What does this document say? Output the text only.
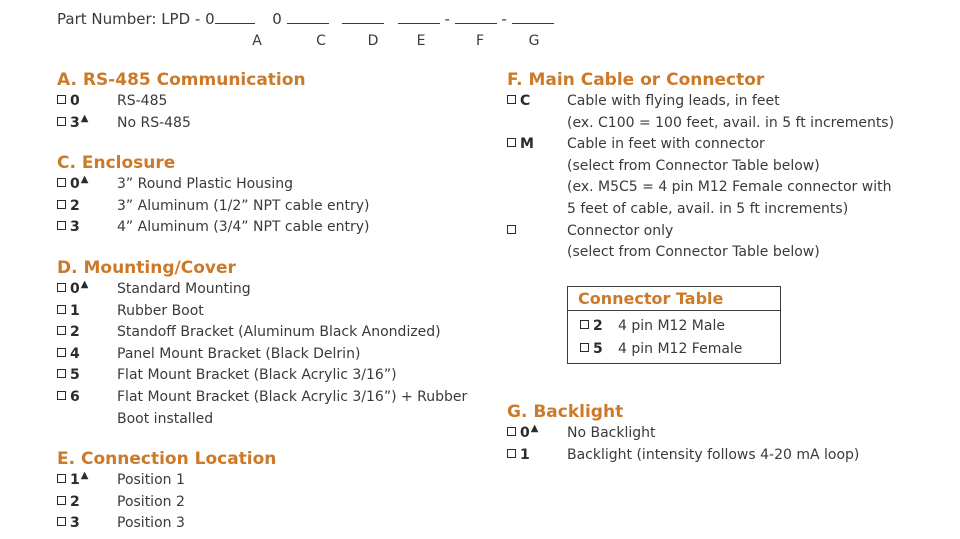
Part Number: LPD - 0	0	-	-
A	C	D	E	F	G
A. RS-485 Communication
0	RS-485
3▲ No RS-485
C. Enclosure
0▲ 3” Round Plastic Housing
2	3” Aluminum (1/2” NPT cable entry)
3	4” Aluminum (3/4” NPT cable entry)
D. Mounting/Cover
0▲ Standard Mounting
1	Rubber Boot
2	Standoff Bracket (Aluminum Black Anondized)
4	Panel Mount Bracket (Black Delrin)
5	Flat Mount Bracket (Black Acrylic 3/16”)
6	Flat Mount Bracket (Black Acrylic 3/16”) + Rubber
Boot installed
E. Connection Location
1▲ Position 1
2	Position 2
3	Position 3
F. Main Cable or Connector
C	Cable with flying leads, in feet
(ex. C100 = 100 feet, avail. in 5 ft increments)
M Cable in feet with connector
(select from Connector Table below)
(ex. M5C5 = 4 pin M12 Female connector with
5 feet of cable, avail. in 5 ft increments)
Connector only
(select from Connector Table below)
Connector Table
2 4 pin M12 Male
5 4 pin M12 Female
G. Backlight
0▲ No Backlight
1	Backlight (intensity follows 4-20 mA loop)
